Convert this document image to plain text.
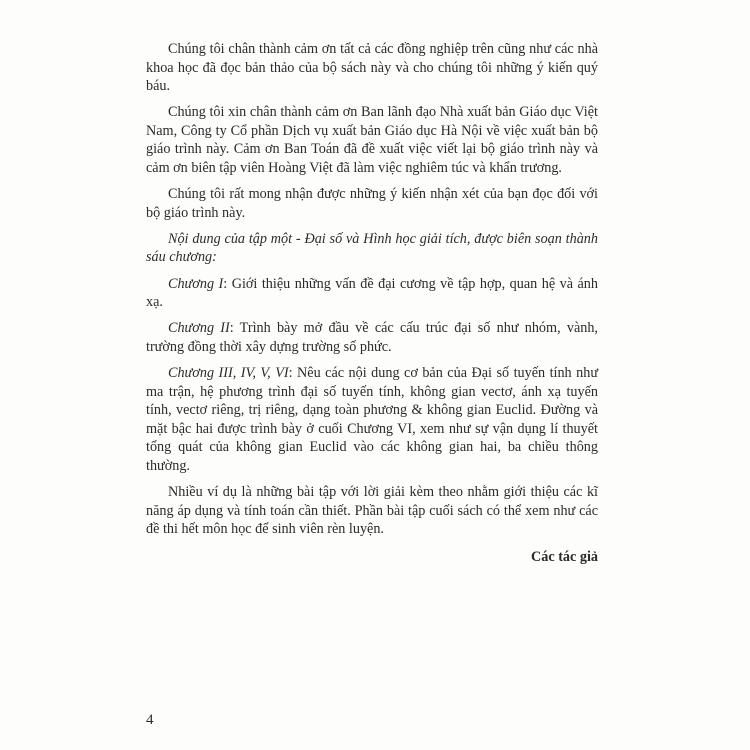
Chúng tôi chân thành cảm ơn tất cả các đồng nghiệp trên cũng như các nhà khoa học đã đọc bản thảo của bộ sách này và cho chúng tôi những ý kiến quý báu.

Chúng tôi xin chân thành cảm ơn Ban lãnh đạo Nhà xuất bản Giáo dục Việt Nam, Công ty Cổ phần Dịch vụ xuất bản Giáo dục Hà Nội về việc xuất bản bộ giáo trình này. Cảm ơn Ban Toán đã đề xuất việc viết lại bộ giáo trình này và cảm ơn biên tập viên Hoàng Việt đã làm việc nghiêm túc và khẩn trương.

Chúng tôi rất mong nhận được những ý kiến nhận xét của bạn đọc đối với bộ giáo trình này.

Nội dung của tập một - Đại số và Hình học giải tích, được biên soạn thành sáu chương:

Chương I: Giới thiệu những vấn đề đại cương về tập hợp, quan hệ và ánh xạ.

Chương II: Trình bày mở đầu về các cấu trúc đại số như nhóm, vành, trường đồng thời xây dựng trường số phức.

Chương III, IV, V, VI: Nêu các nội dung cơ bản của Đại số tuyến tính như ma trận, hệ phương trình đại số tuyến tính, không gian vectơ, ánh xạ tuyến tính, vectơ riêng, trị riêng, dạng toàn phương & không gian Euclid. Đường và mặt bậc hai được trình bày ở cuối Chương VI, xem như sự vận dụng lí thuyết tổng quát của không gian Euclid vào các không gian hai, ba chiều thông thường.

Nhiều ví dụ là những bài tập với lời giải kèm theo nhằm giới thiệu các kĩ năng áp dụng và tính toán cần thiết. Phần bài tập cuối sách có thể xem như các đề thi hết môn học để sinh viên rèn luyện.

Các tác giả

4
